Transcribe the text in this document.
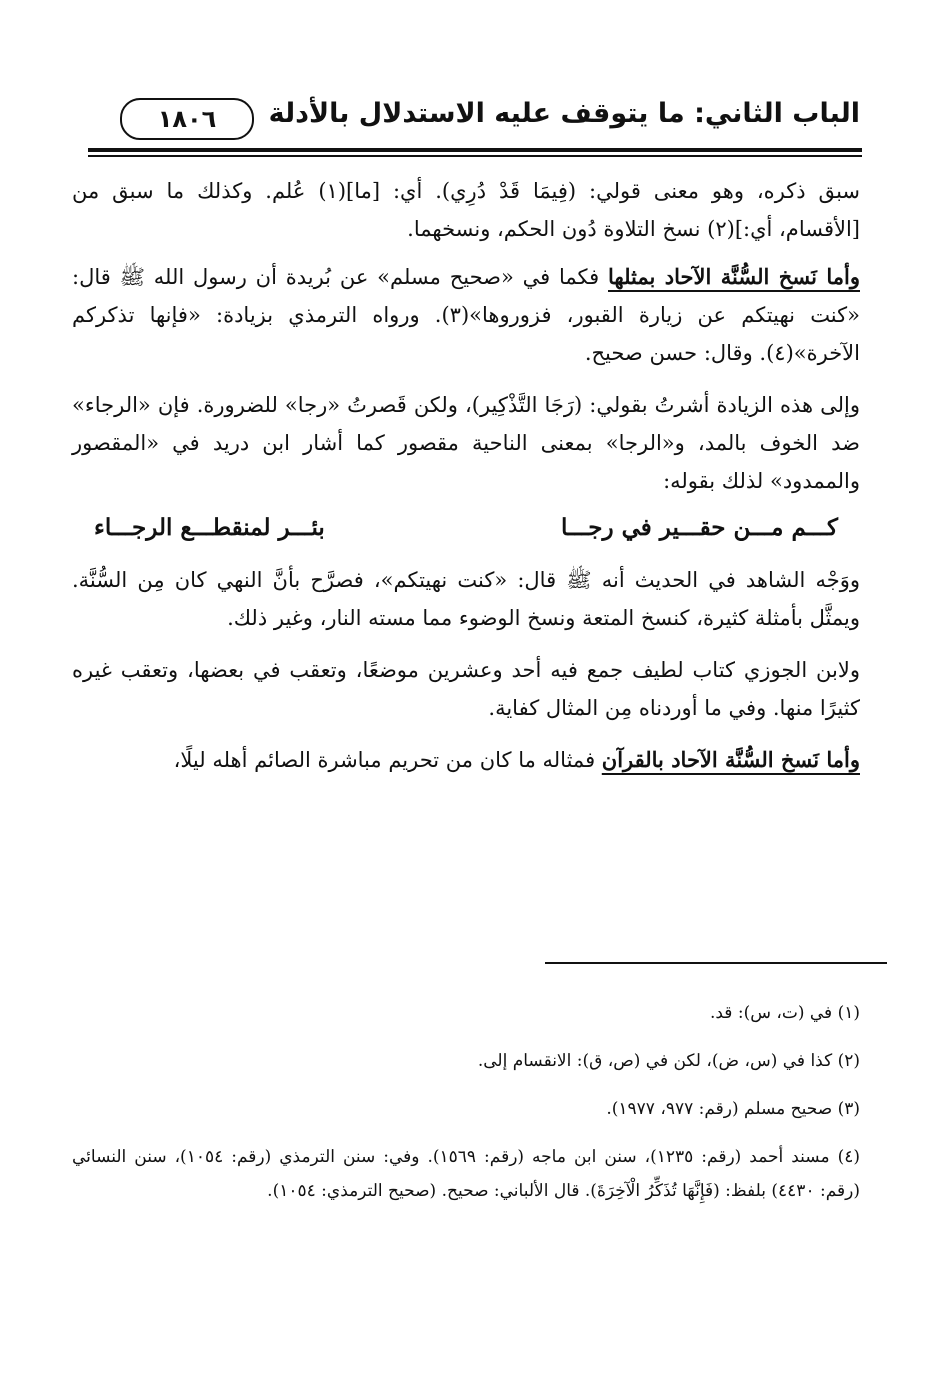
الباب الثاني: ما يتوقف عليه الاستدلال بالأدلة
١٨٠٦

سبق ذكره، وهو معنى قولي: (فِيمَا قَدْ دُرِي). أي: [ما](١) عُلم. وكذلك ما سبق من [الأقسام، أي:](٢) نسخ التلاوة دُون الحكم، ونسخهما.

وأما نَسخ السُّنَّة الآحاد بمثلها فكما في «صحيح مسلم» عن بُريدة أن رسول الله ﷺ قال: «كنت نهيتكم عن زيارة القبور، فزوروها»(٣). ورواه الترمذي بزيادة: «فإنها تذكركم الآخرة»(٤). وقال: حسن صحيح.

وإلى هذه الزيادة أشرتُ بقولي: (رَجَا التَّذْكِير)، ولكن قَصرتُ «رجا» للضرورة. فإن «الرجاء» ضد الخوف بالمد، و«الرجا» بمعنى الناحية مقصور كما أشار ابن دريد في «المقصور والممدود» لذلك بقوله:

كـــم مـــن حقـــير في رجـــا
بئـــر لمنقطـــع الرجـــاء

ووَجْه الشاهد في الحديث أنه ﷺ قال: «كنت نهيتكم»، فصرَّح بأنَّ النهي كان مِن السُّنَّة. ويمثَّل بأمثلة كثيرة، كنسخ المتعة ونسخ الوضوء مما مسته النار، وغير ذلك.

ولابن الجوزي كتاب لطيف جمع فيه أحد وعشرين موضعًا، وتعقب في بعضها، وتعقب غيره كثيرًا منها. وفي ما أوردناه مِن المثال كفاية.

وأما نَسخ السُّنَّة الآحاد بالقرآن فمثاله ما كان من تحريم مباشرة الصائم أهله ليلًا،

(١) في (ت، س): قد.

(٢) كذا في (س، ض)، لكن في (ص، ق): الانقسام إلى.

(٣) صحيح مسلم (رقم: ٩٧٧، ١٩٧٧).

(٤) مسند أحمد (رقم: ١٢٣٥)، سنن ابن ماجه (رقم: ١٥٦٩). وفي: سنن الترمذي (رقم: ١٠٥٤)، سنن النسائي (رقم: ٤٤٣٠) بلفظ: (فَإِنَّهَا تُذَكِّرُ الْآخِرَةَ). قال الألباني: صحيح. (صحيح الترمذي: ١٠٥٤).
